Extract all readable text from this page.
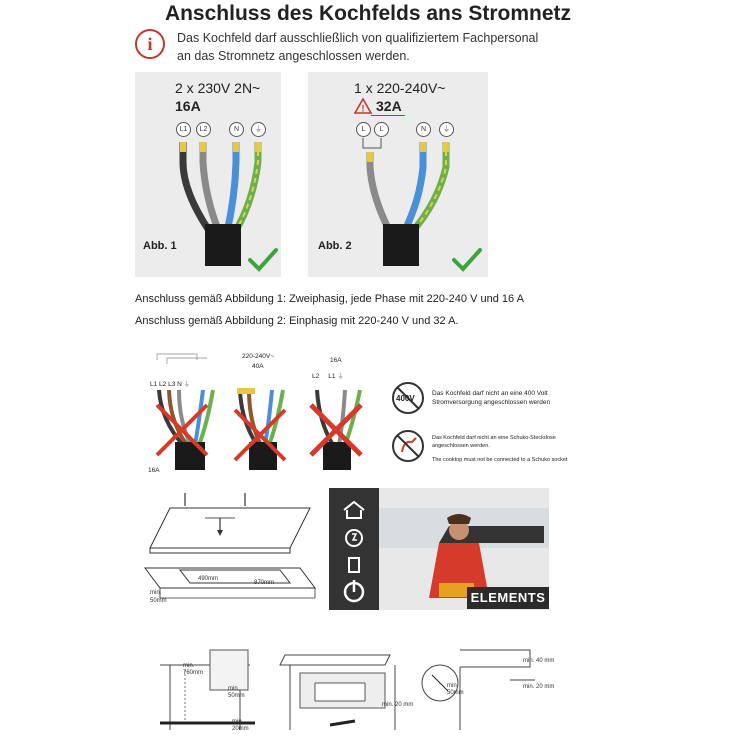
Anschluss des Kochfelds ans Stromnetz
i	Das Kochfeld darf ausschließlich von qualifiziertem Fachpersonal
an das Stromnetz angeschlossen werden.
2 x 230V 2N~
16A
L1	L2	N	⏚
Abb. 1
1 x 220-240V~
! 32A
L	L	N	⏚
Abb. 2
Anschluss gemäß Abbildung 1: Zweiphasig, jede Phase mit 220-240 V und 16 A
Anschluss gemäß Abbildung 2: Einphasig mit 220-240 V und 32 A.
L1 L2 L3 N ⏚
16A
220-240V~
40A
16A
L2 L1 ⏚
400V
Das Kochfeld darf nicht an eine 400 Volt
Stromversorgung angeschlossen werden
Das Kochfeld darf nicht an eine Schuko-Steckdose
angeschlossen werden.
The cooktop must not be connected to a Schuko socket
490mm
870mm
min.
50mm	ELEMENTS
min.
760mm
min.
50mm
min.
20mm
min. 20 mm
min. 40 mm
min. 20 mm
min.
50mm
